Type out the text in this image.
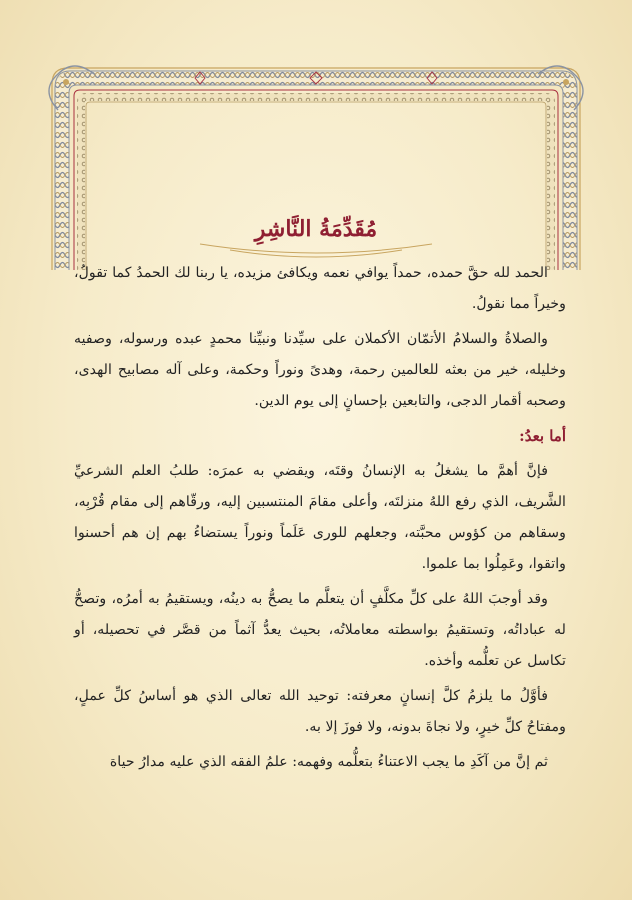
مُقَدِّمَةُ النَّاشِرِ

الحمد لله حقَّ حمده، حمداً يوافي نعمه ويكافئ مزيده، يا ربنا لك الحمدُ كما تقولُ، وخيراً مما نقولُ.

والصلاةُ والسلامُ الأتمّان الأكملان على سيِّدنا ونبيِّنا محمدٍ عبده ورسوله، وصفيه وخليله، خير من بعثه للعالمين رحمة، وهدىً ونوراً وحكمة، وعلى آله مصابيح الهدى، وصحبه أقمار الدجى، والتابعين بإحسانٍ إلى يوم الدين.

أما بعدُ:

فإنَّ أهمَّ ما يشغلُ به الإنسانُ وقتَه، ويقضي به عمرَه: طلبُ العلم الشرعيِّ الشَّريف، الذي رفع اللهُ منزلتَه، وأعلى مقامَ المنتسبين إليه، ورقّاهم إلى مقام قُرْبِه، وسقاهم من كؤوس محبَّته، وجعلهم للورى عَلَماً ونوراً يستضاءُ بهم إن هم أحسنوا واتقوا، وعَمِلُوا بما علموا.

وقد أوجبَ اللهُ على كلِّ مكلَّفٍ أن يتعلَّم ما يصحُّ به دينُه، ويستقيمُ به أمرُه، وتصحُّ له عباداتُه، وتستقيمُ بواسطته معاملاتُه، بحيث يعدُّ آثماً من قصَّر في تحصيله، أو تكاسل عن تعلُّمه وأخذه.

فأوَّلُ ما يلزمُ كلَّ إنسانٍ معرفته: توحيد الله تعالى الذي هو أساسُ كلِّ عملٍ، ومفتاحُ كلِّ خيرٍ، ولا نجاةَ بدونه، ولا فوزَ إلا به.

ثم إنَّ من آكَدِ ما يجب الاعتناءُ بتعلُّمه وفهمه: علمُ الفقه الذي عليه مدارُ حياة
